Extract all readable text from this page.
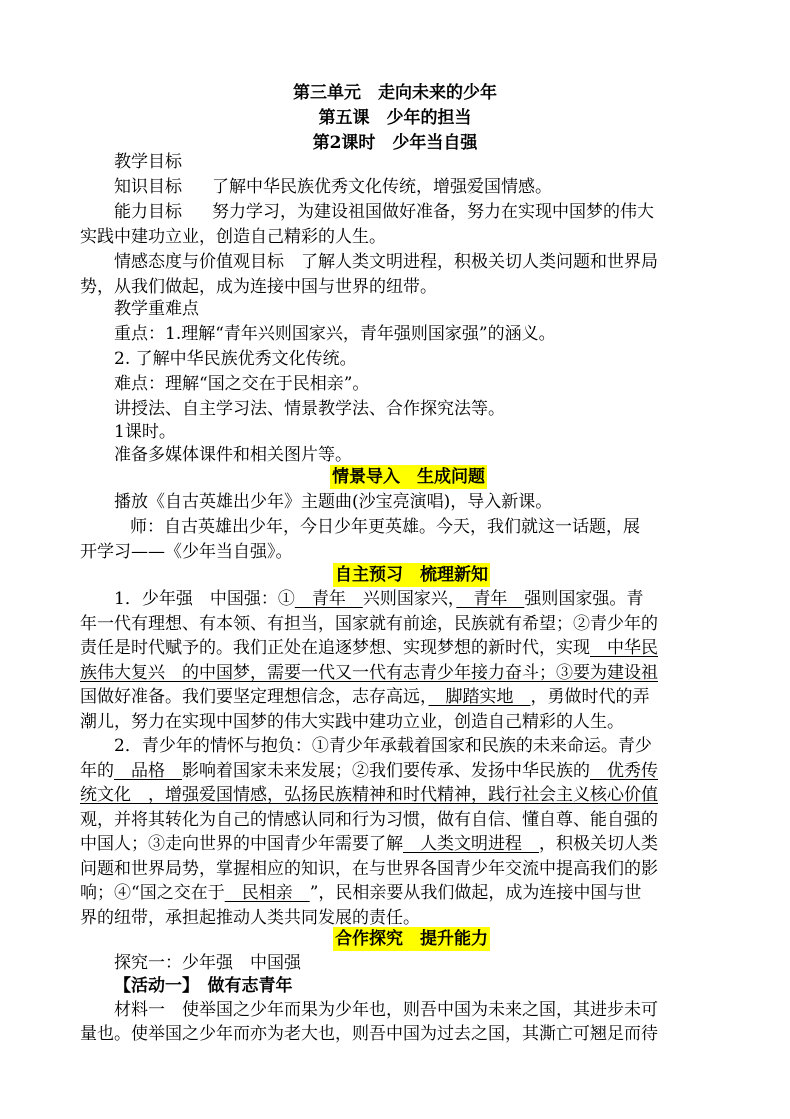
第三单元　走向未来的少年
第五课　少年的担当
第2课时　少年当自强
教学目标
知识目标 了解中华民族优秀文化传统，增强爱国情感。
能力目标 努力学习，为建设祖国做好准备，努力在实现中国梦的伟大
实践中建功立业，创造自己精彩的人生。
情感态度与价值观目标　了解人类文明进程，积极关切人类问题和世界局
势，从我们做起，成为连接中国与世界的纽带。
教学重难点
重点：1.理解“青年兴则国家兴，青年强则国家强”的涵义。
2. 了解中华民族优秀文化传统。
难点：理解“国之交在于民相亲”。
讲授法、自主学习法、情景教学法、合作探究法等。
1课时。
准备多媒体课件和相关图片等。
情景导入　生成问题
播放《自古英雄出少年》主题曲(沙宝亮演唱)，导入新课。
师：自古英雄出少年，今日少年更英雄。今天，我们就这一话题，展
开学习——《少年当自强》。
自主预习　梳理新知
1．少年强　中国强：①　青年　兴则国家兴，　青年　强则国家强。青
年一代有理想、有本领、有担当，国家就有前途，民族就有希望；②青少年的
责任是时代赋予的。我们正处在追逐梦想、实现梦想的新时代，实现　中华民
族伟大复兴　的中国梦，需要一代又一代有志青少年接力奋斗；③要为建设祖
国做好准备。我们要坚定理想信念，志存高远，　脚踏实地　，勇做时代的弄
潮儿，努力在实现中国梦的伟大实践中建功立业，创造自己精彩的人生。
2．青少年的情怀与抱负：①青少年承载着国家和民族的未来命运。青少
年的　品格　影响着国家未来发展；②我们要传承、发扬中华民族的　优秀传
统文化　，增强爱国情感，弘扬民族精神和时代精神，践行社会主义核心价值
观，并将其转化为自己的情感认同和行为习惯，做有自信、懂自尊、能自强的
中国人；③走向世界的中国青少年需要了解　人类文明进程　，积极关切人类
问题和世界局势，掌握相应的知识，在与世界各国青少年交流中提高我们的影
响；④“国之交在于　民相亲　”，民相亲要从我们做起，成为连接中国与世
界的纽带，承担起推动人类共同发展的责任。
合作探究　提升能力
探究一：少年强　中国强
【活动一】　做有志青年
材料一　使举国之少年而果为少年也，则吾中国为未来之国，其进步未可
量也。使举国之少年而亦为老大也，则吾中国为过去之国，其澌亡可翘足而待
